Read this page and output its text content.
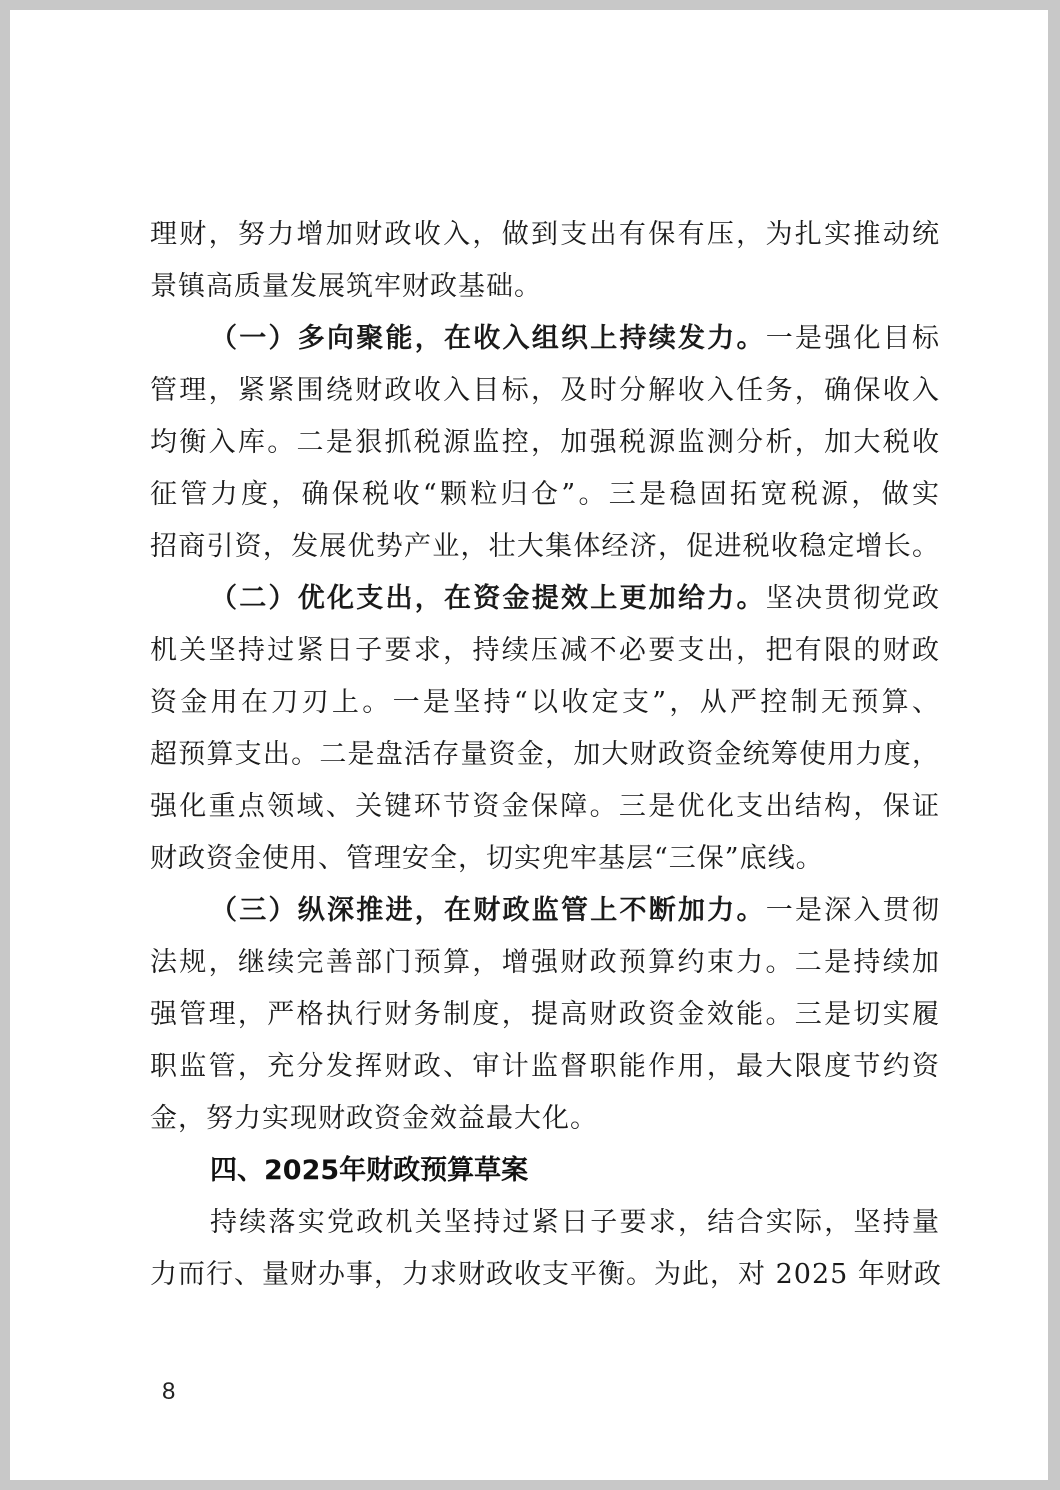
理财，努力增加财政收入，做到支出有保有压，为扎实推动统
景镇高质量发展筑牢财政基础。
（一）多向聚能，在收入组织上持续发力。一是强化目标
管理，紧紧围绕财政收入目标，及时分解收入任务，确保收入
均衡入库。二是狠抓税源监控，加强税源监测分析，加大税收
征管力度，确保税收“颗粒归仓”。三是稳固拓宽税源，做实
招商引资，发展优势产业，壮大集体经济，促进税收稳定增长。
（二）优化支出，在资金提效上更加给力。坚决贯彻党政
机关坚持过紧日子要求，持续压减不必要支出，把有限的财政
资金用在刀刃上。一是坚持“以收定支”，从严控制无预算、
超预算支出。二是盘活存量资金，加大财政资金统筹使用力度，
强化重点领域、关键环节资金保障。三是优化支出结构，保证
财政资金使用、管理安全，切实兜牢基层“三保”底线。
（三）纵深推进，在财政监管上不断加力。一是深入贯彻
法规，继续完善部门预算，增强财政预算约束力。二是持续加
强管理，严格执行财务制度，提高财政资金效能。三是切实履
职监管，充分发挥财政、审计监督职能作用，最大限度节约资
金，努力实现财政资金效益最大化。
四、2025年财政预算草案
持续落实党政机关坚持过紧日子要求，结合实际，坚持量
力而行、量财办事，力求财政收支平衡。为此，对 2025 年财政
8
